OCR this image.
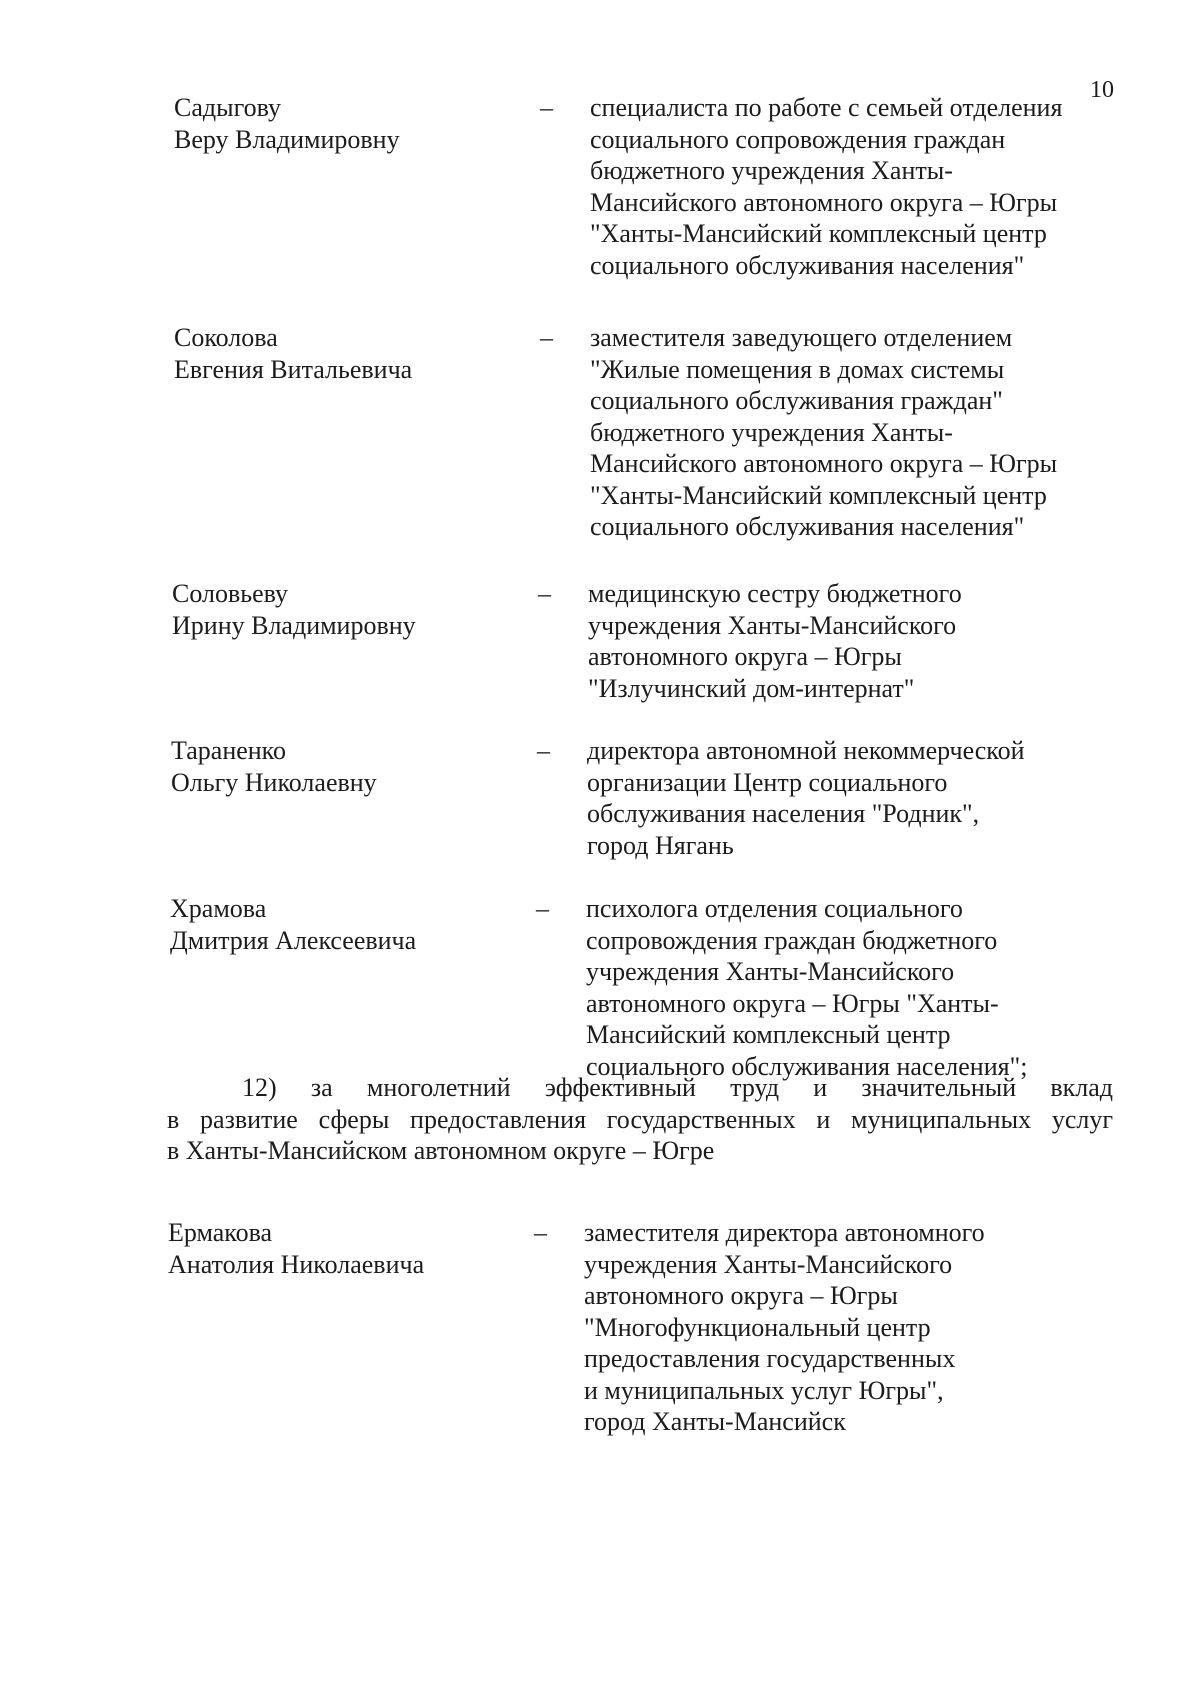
10
Садыгову
Веру Владимировну
– специалиста по работе с семьей отделения
социального сопровождения граждан
бюджетного учреждения Ханты-
Мансийского автономного округа – Югры
"Ханты-Мансийский комплексный центр
социального обслуживания населения"
Соколова
Евгения Витальевича
– заместителя заведующего отделением
"Жилые помещения в домах системы
социального обслуживания граждан"
бюджетного учреждения Ханты-
Мансийского автономного округа – Югры
"Ханты-Мансийский комплексный центр
социального обслуживания населения"
Соловьеву
Ирину Владимировну
– медицинскую сестру бюджетного
учреждения Ханты-Мансийского
автономного округа – Югры
"Излучинский дом-интернат"
Тараненко
Ольгу Николаевну
– директора автономной некоммерческой
организации Центр социального
обслуживания населения "Родник",
город Нягань
Храмова
Дмитрия Алексеевича
– психолога отделения социального
сопровождения граждан бюджетного
учреждения Ханты-Мансийского
автономного округа – Югры "Ханты-
Мансийский комплексный центр
социального обслуживания населения";
12) за многолетний эффективный труд и значительный вклад
в развитие сферы предоставления государственных и муниципальных услуг
в Ханты-Мансийском автономном округе – Югре
Ермакова
Анатолия Николаевича
– заместителя директора автономного
учреждения Ханты-Мансийского
автономного округа – Югры
"Многофункциональный центр
предоставления государственных
и муниципальных услуг Югры",
город Ханты-Мансийск
